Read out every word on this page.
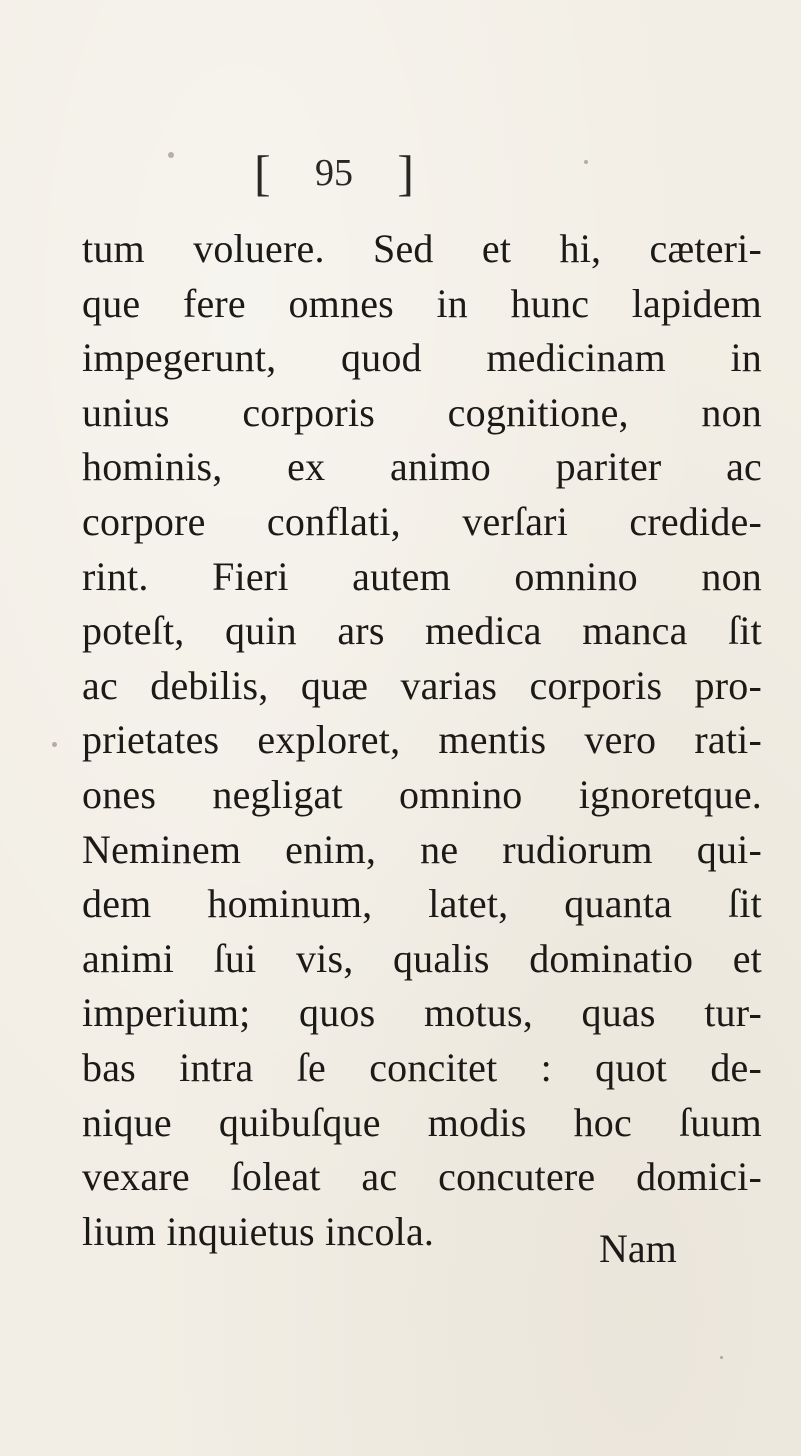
[ 95 ]
tum voluere. Sed et hi, cæteri-
que fere omnes in hunc lapidem
impegerunt, quod medicinam in
unius corporis cognitione, non
hominis, ex animo pariter ac
corpore conflati, verſari credide-
rint. Fieri autem omnino non
poteſt, quin ars medica manca ſit
ac debilis, quæ varias corporis pro-
prietates exploret, mentis vero rati-
ones negligat omnino ignoretque.
Neminem enim, ne rudiorum qui-
dem hominum, latet, quanta ſit
animi ſui vis, qualis dominatio et
imperium; quos motus, quas tur-
bas intra ſe concitet : quot de-
nique quibuſque modis hoc ſuum
vexare ſoleat ac concutere domici-
lium inquietus incola.	Nam
